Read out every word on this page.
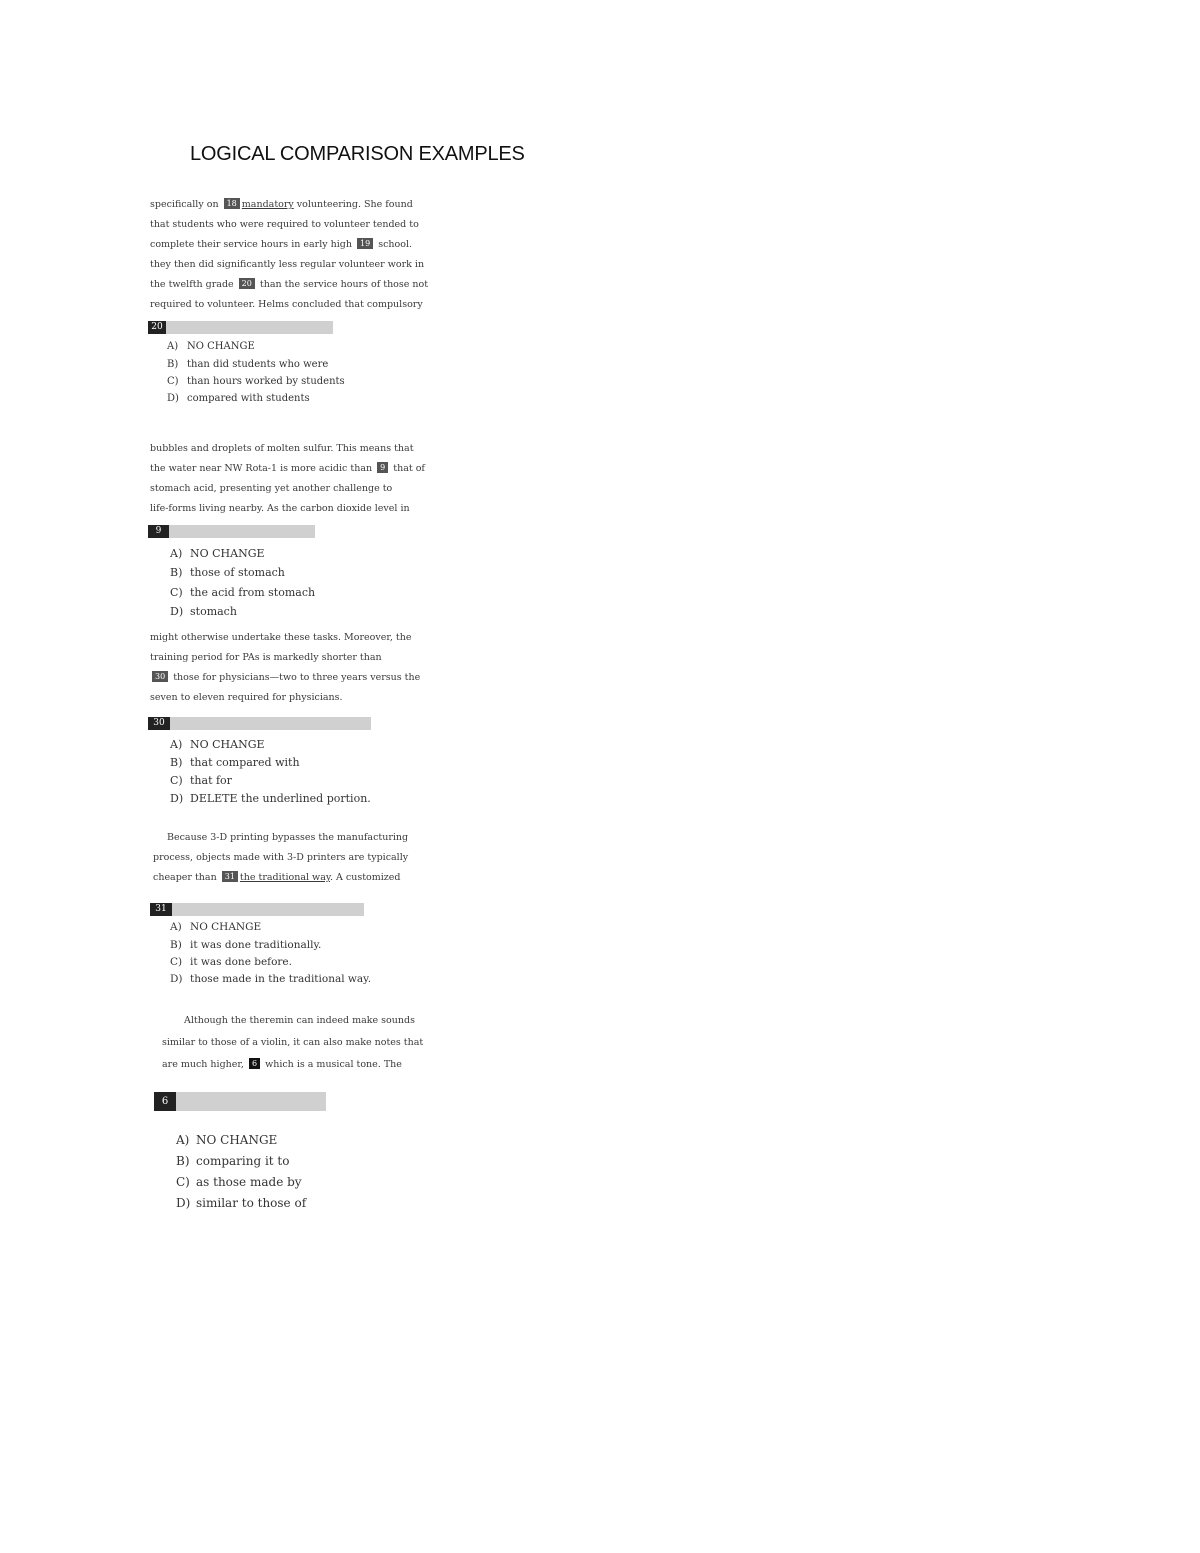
LOGICAL COMPARISON EXAMPLES
specifically on 18 mandatory volunteering. She found
that students who were required to volunteer tended to
complete their service hours in early high 19 school.
they then did significantly less regular volunteer work in
the twelfth grade 20 than the service hours of those not
required to volunteer. Helms concluded that compulsory
20
A) NO CHANGE
B) than did students who were
C) than hours worked by students
D) compared with students
bubbles and droplets of molten sulfur. This means that
the water near NW Rota-1 is more acidic than 9 that of
stomach acid, presenting yet another challenge to
life-forms living nearby. As the carbon dioxide level in
9
A) NO CHANGE
B) those of stomach
C) the acid from stomach
D) stomach
might otherwise undertake these tasks. Moreover, the
training period for PAs is markedly shorter than
30 those for physicians—two to three years versus the
seven to eleven required for physicians.
30
A) NO CHANGE
B) that compared with
C) that for
D) DELETE the underlined portion.
Because 3-D printing bypasses the manufacturing
process, objects made with 3-D printers are typically
cheaper than 31 the traditional way. A customized
31
A) NO CHANGE
B) it was done traditionally.
C) it was done before.
D) those made in the traditional way.
Although the theremin can indeed make sounds
similar to those of a violin, it can also make notes that
are much higher, 6 which is a musical tone. The
6
A) NO CHANGE
B) comparing it to
C) as those made by
D) similar to those of
